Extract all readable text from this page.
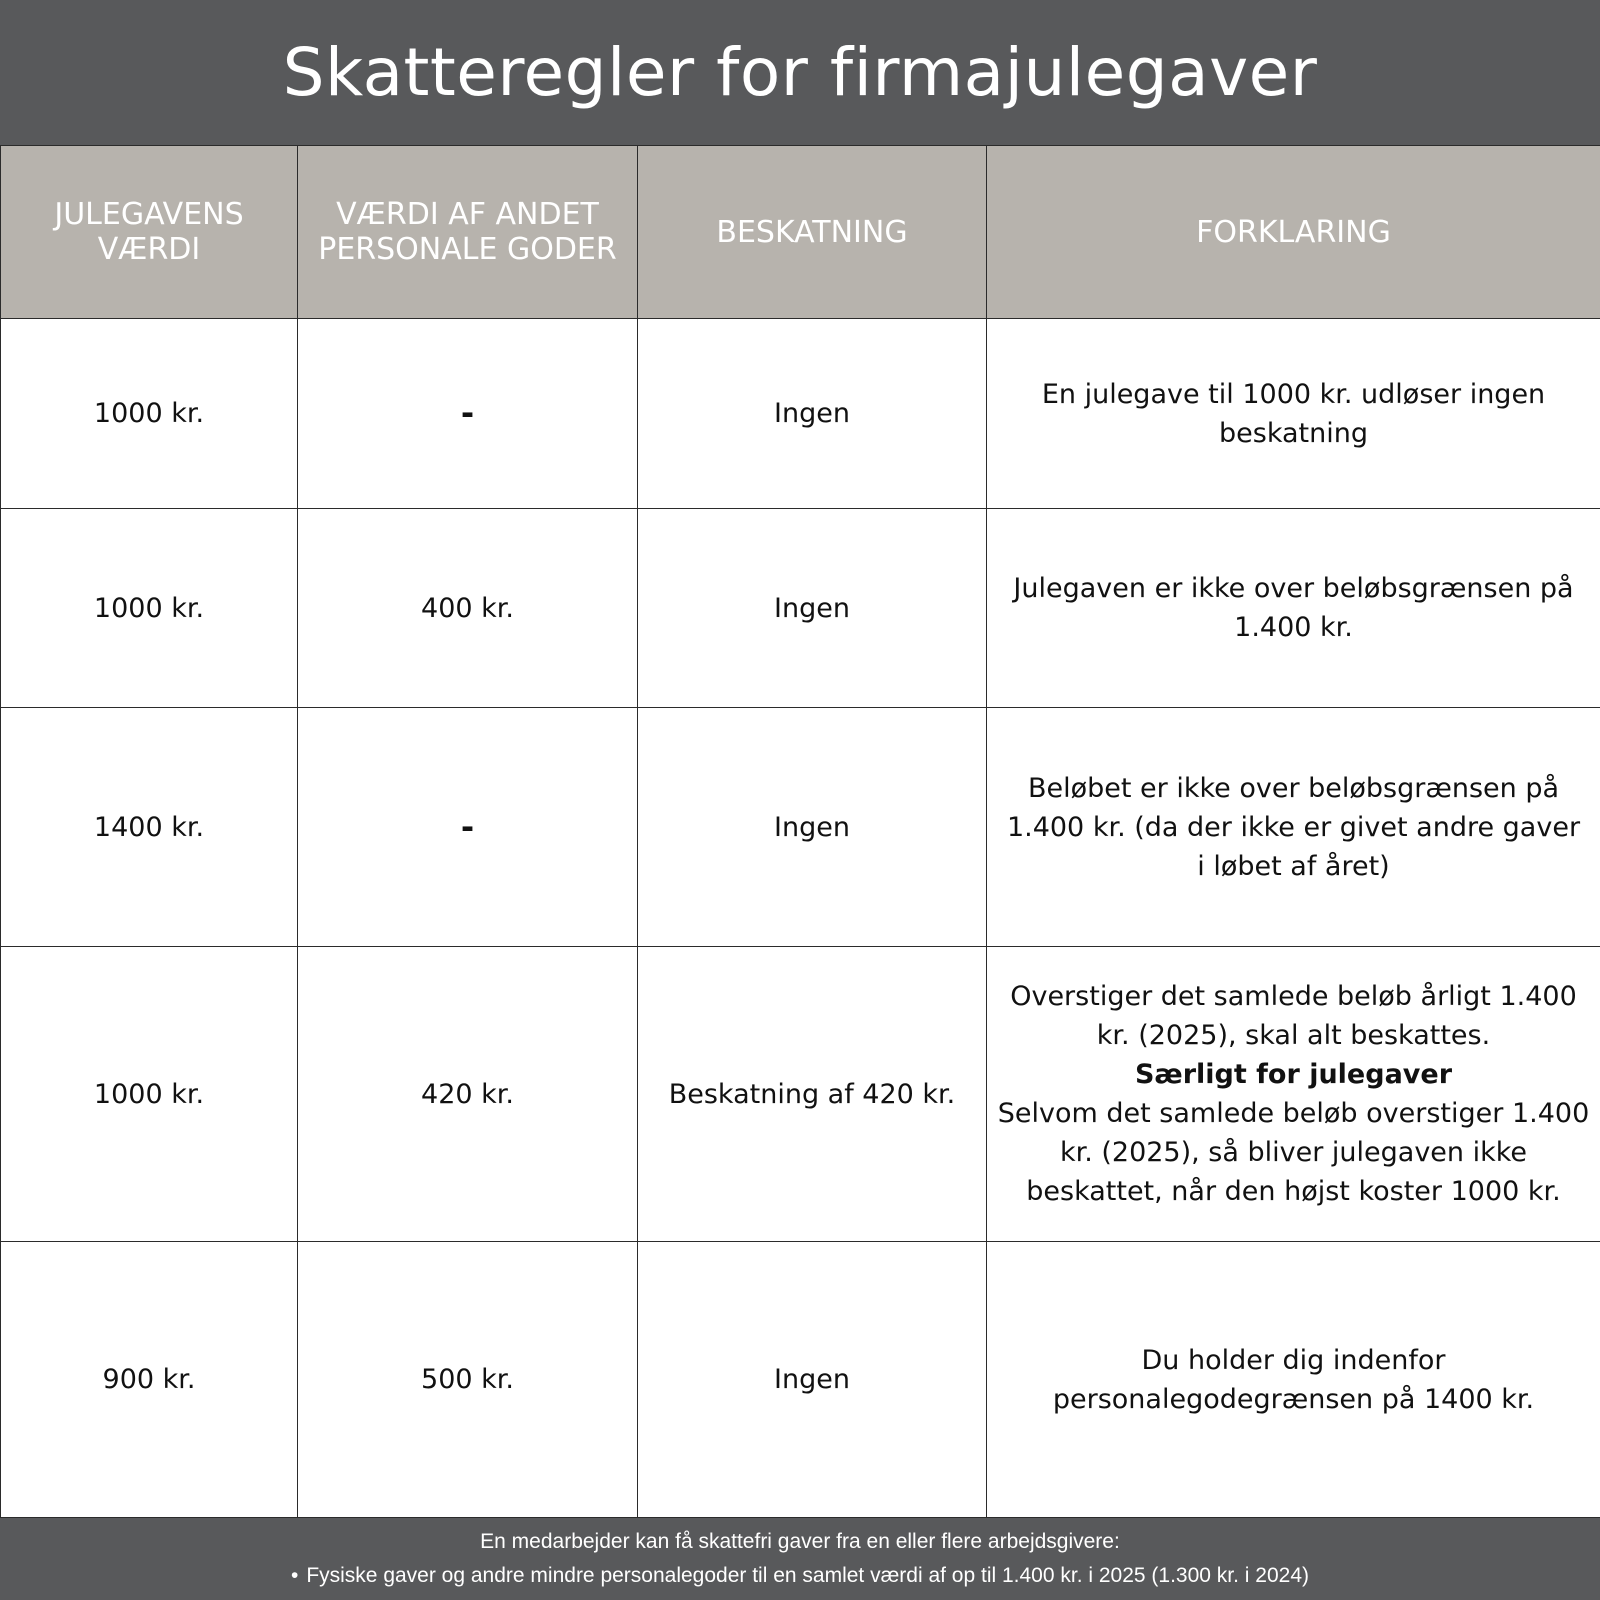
Skatteregler for firmajulegaver
JULEGAVENS VÆRDI	VÆRDI AF ANDET PERSONALE GODER	BESKATNING	FORKLARING
1000 kr.	-	Ingen	En julegave til 1000 kr. udløser ingen beskatning
1000 kr.	400 kr.	Ingen	Julegaven er ikke over beløbsgrænsen på 1.400 kr.
1400 kr.	-	Ingen	Beløbet er ikke over beløbsgrænsen på 1.400 kr. (da der ikke er givet andre gaver i løbet af året)
1000 kr.	420 kr.	Beskatning af 420 kr.	Overstiger det samlede beløb årligt 1.400 kr. (2025), skal alt beskattes.
Særligt for julegaver
Selvom det samlede beløb overstiger 1.400 kr. (2025), så bliver julegaven ikke beskattet, når den højst koster 1000 kr.
900 kr.	500 kr.	Ingen	Du holder dig indenfor personalegodegrænsen på 1400 kr.
En medarbejder kan få skattefri gaver fra en eller flere arbejdsgivere:
• Fysiske gaver og andre mindre personalegoder til en samlet værdi af op til 1.400 kr. i 2025 (1.300 kr. i 2024)
